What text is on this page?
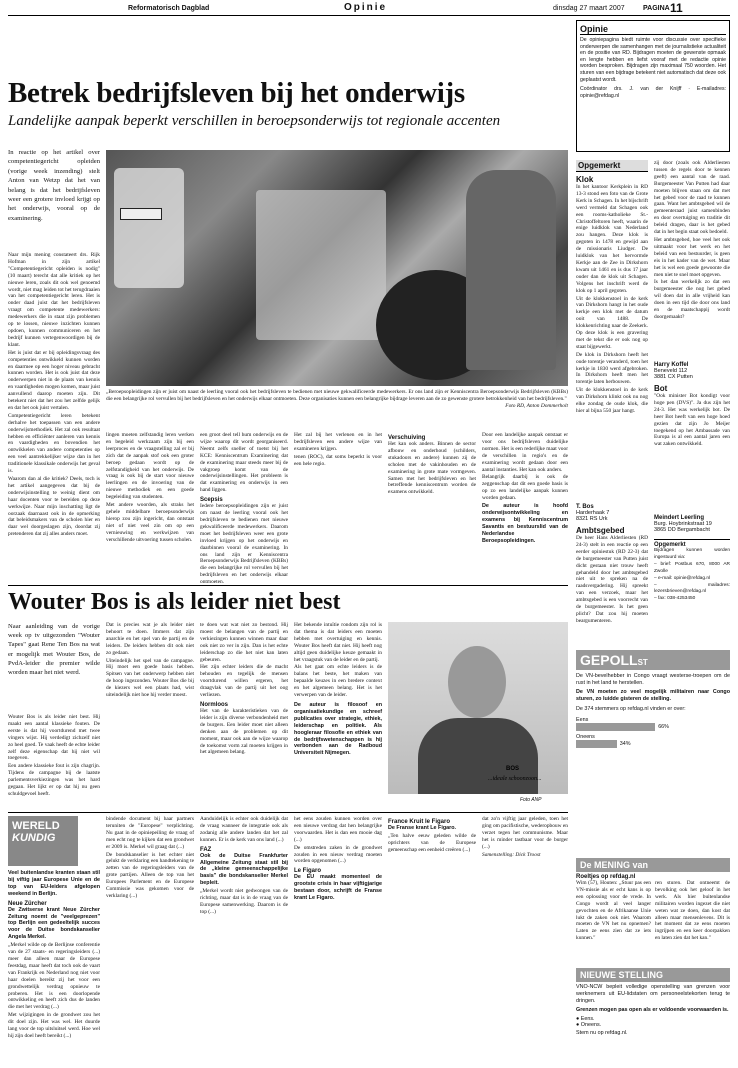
Reformatorisch Dagblad	Opinie	dinsdag 27 maart 2007	PAGINA 11
Betrek bedrijfsleven bij het onderwijs
Landelijke aanpak beperkt verschillen in beroepsonderwijs tot regionale accenten

In reactie op het artikel over competentiegericht opleiden (vorige week inzending) stelt Anton van Wetzp dat het van belang is dat het bedrijfsleven weer een grotere invloed krijgt op het onderwijs, vooral op de examinering.

Naar mijn mening constateert drs. Rijk Hofman in zijn artikel "Competentiegericht opleiden is nodig" (10 maart) terecht dat alle kritiek op het nieuwe leren, zoals dit ook wel genoemd wordt, niet mag leiden tot het terugdraaien van het competentiegericht leren. Het is onder daad juist dat het bedrijfsleven vraagt om competente medewerkers: medewerkers die in staat zijn problemen op te lossen, nieuwe inzichten kunnen opdoen, kunnen communiceren en het bedrijf kunnen vertegenwoordigen bij de klant.

Het is juist dat er bij opleidingsvraag des competenties ontwikkeld kunnen worden en daarmee op een hoger niveau gebracht kunnen worden. Het is ook juist dat deze onderwerpen niet in de plaats van kennis en vaardigheden mogen komen, maar juist aanvullend daarop moeten zijn. Dit betekent niet dat het zou het zelfde gelijk en dat het ook juist vertalen.

Competentiegericht leren betekent derhalve het toepassen van een andere onderwijsmethodiek. Het zal ook resultaat hebben en efficiënter aanleren van kennis en vaardigheden en bovendien het ontwikkelen van andere competenties op een veel aantrekkelijker wijze dan in het traditionele klassikale onderwijs het geval is.

Waarom dan al die kritiek? Deels, toch is het artikel aangegeven dat bij de onderwijsinstelling te weinig dient om haar docenten voor te bereiden op deze werkwijze. Naar mijn inschatting ligt de oorzaak daarnaast ook in de opmerking dat beleidsmakers van de scholen hier en daar wel doorgeslagen zijn, doordat zij pretenderen dat zij alles anders moet.

„Beroepsopleidingen zijn er juist om naast de leerling vooral ook het bedrijfsleven te bedienen met nieuwe gekwalificeerde medewerkers. Er ons land zijn er Kenniscentra Beroepsonderwijs Bedrijfsleven (KBBs) die een belangrijke rol vervullen bij het bedrijfsleven en het onderwijs elkaar ontmoeten. Deze organisaties kunnen een belangrijke bijdrage leveren aan de zo gewenste grotere betrokkenheid van het bedrijfsleven."
Foto RD, Anton Dommerholt

lingen moeten zelfstandig leren werken en begeleid werkzaam zijn bij een leerproces en de vraagstelling zal er bij zich dat de aanpak stof ook een groter beroep gedaan wordt op de zelfstandigheid van het onderwijs. De vraag is ook bij de start voor nieuwe leerlingen en de invoering van de nieuwe methodiek en een goede begeleiding van studenten.

Met andere woorden, als straks het gehele middelbare beroepsonderwijs hierop zou zijn ingericht, dan ontstaat niet of niet veel zin om op een vernieuwing en werkwijzen van verschillende uitvoering tussen scholen.

een groot deel tell hum onderwijs en de wijze waarop dit wordt georganiseerd. Neemt zelfs sneller of toetst bij het KCE: Kenniscentrum Examinering dat de examinering maar steeds meer bij de vakgroep komt van de onderwijsinstellingen. Het probleem is dat examinering en onderwijs in een hand liggen.

Scepsis

Iedere beroepsopleidingen zijn er juist om naast de leerling vooral ook het bedrijfsleven te bedienen met nieuwe gekwalificeerde medewerkers. Daarom moet het bedrijfsleven weer een grote invloed krijgen op het onderwijs en daarbinnen vooral de examinering. In ons land zijn er Kenniscentra Beroepsonderwijs Bedrijfsleven (KBBs) die een belangrijke rol vervullen bij het bedrijfsleven en het onderwijs elkaar ontmoeten.

Het zal bij het verlenen en in het bedrijfsleven een andere wijze van examineren krijgen.

tenen (ROC), dat soms beperkt is voor een hele regio.

Verschuiving

Het kan ook anders. Binnen de sector afbouw en onderhoud (schilders, stukadoors en andere) kunnen zij de scholen met de vakinhouden en de examinering in grote mate vormgeven. Samen met het bedrijfsleven en het betreffende kenniscentrum worden de examens ontwikkeld.

Door een landelijke aanpak ontstaat er voor ons bedrijfsleven duidelijke normen. Het is een rederlijke maat voor de verschillen in regio's en de examinering wordt gedaan door een aantal instanties. Het kan ook anders.

Belangrijk daarbij is ook de zeggenschap dat dit een goede basis is op zo een landelijke aanpak kunnen worden gedaan.

De auteur is hoofd onderwijsontwikkeling en examens bij Kenniscentrum Savantis en bestuurslid van de Nederlandse Beroepsopleidingen.

Opinie
De opiniepagina biedt ruimte voor discussie over specifieke onderwerpen die samenhangen met de journalistieke actualiteit en de positie van RD. Bijdragen moeten de gewenste opmaak en lengte hebben en liefst vooraf met de redactie opinie worden besproken. Bijdragen zijn maximaal 750 woorden. Het sturen van een bijdrage betekent niet automatisch dat deze ook geplaatst wordt.
Coördinator drs. J. van der Knijff · E-mailadres: opinie@refdag.nl
Opgemerkt
Klok

In het kantoor Kerkplein in RD 13-3 stond een foto van de Grote Kerk in Schagen. In het bijschrift werd vermeld dat Schagen ook een rooms-katholieke St.-Christoffeltoren heeft, waarin de enige luidklok van Nederland zou hangen. Deze klok is gegoten in 1478 en gewijd aan de missionaris Liudger. De luidklok van het hervormde Kerkje aan de Zee in Dirkshorn kwam uit 1461 en is dus 17 jaar ouder dan de klok uit Schagen. Volgens het inschrift werd de klok op 1 april gegoten.

Uit de klokkenstoel in de kerk van Dirkshorn hangt in het oude kerkje een klok met de datum ooit van 1488. De klokkenrichting naar de Zeekerk. Op deze klok is een gravering met de tekst die er ook nog op staat bijgewerkt.

De klok in Dirkshorn heeft het oude torentje veranderd, toen het kerkje in 1830 werd afgebroken. In Dirkshorn heeft men het torentje laten herbouwen.

Uit de klokkenstoel in de kerk van Dirkshorn klinkt ook nu nog elke zondag de oude klok, die hier al bijna 550 jaar hangt.

T. Bos
Harderhaak 7
8321 RS Urk
Ambtsgebed

De heer Hans Alderliesten (RD 24-3) stelt in een reactie op een eerder opiniestuk (RD 22-3) dat de burgemeester van Putten juist dicht gestaan niet trouw heeft gehandeld door het ambtsgebed niet uit te spreken na de raadsvergadering. Hij spreekt van een verzoek, maar het ambtsgebed is een voorrecht van de burgemeester. Is het geen plicht? Dat zou hij moeten beargumenteren.

zij door (zoals ook Alderliesten tussen de regels door te kennen geeft) een aantal van de raad. Burgemeester Van Putten had daar moeten blijven staan om dat met het gebed voor de raad te kunnen gaan. Want het ambtsgebed wil de gemeenteraad juist samenbinden en door overtuiging en traditie dit beleid dragen, daar is het gebed dat in het begin staat ook bedoeld.

Het ambtsgebed, hoe veel het ook uitmaakt voor het werk en het beleid van een bestuurder, is geen eis in het kader van de wet. Maar het is wel een goede gewoonte die men niet te snel moet opgeven.

Is het dan werkelijk zo dat een burgemeester die nog het gebed wil doen dat in alle vrijheid kan doen in een tijd die door ons land en de maatschappij wordt doorgemaakt?

Harry Koffel
Beneveld 112
3881 CX Putten
Bot

"Ook minister Bot kondigt voor hoge pen (DVS)". Ja dus zijn het 24-3. Het was werkelijk bot. De heer Bot heeft van een hoge hoed gezien dat zijn Jo Meijer toegekend op het Ambassade van Europa is al een aantal jaren een wat zaken ontwikkeld.

Meindert Leerling
Burg. Hoybrinkstraat 19
3865 DD Bergambacht
Opgemerkt
Bijdragen kunnen worden ingestuurd via:
– brief: Postbus 670, 8000 AR Zwolle
– e-mail: opinie@refdag.nl
– mailadres: lezersbrieven@refdag.nl
– fax: 038-4253450
Wouter Bos is als leider niet best

Naar aanleiding van de vorige week op tv uitgezonden "Wouter Tapes" gaat Rene Ten Bos na wat er mogelijk met Wouter Bos, de PvdA-leider die premier wilde worden maar het niet werd.

Wouter Bos is als leider niet best. Hij maakt een aantal klassieke fouten. De eerste is dat hij voortdurend met twee vingers wijst. Hij verdedigt zichzelf niet zo heel goed. Te vaak heeft de echte leider zelf deze eigenschap dat hij niet wil toegeven.

Een andere klassieke fout is zijn chagrijn. Tijdens de campagne bij de laatste parlementsverkiezingen was het hard gegaan. Het lijkt er op dat hij nu geen schuldgevoel heeft.

Dat is precies wat je als leider niet behoort te doen. Immers dat zijn anarchie en het spel van de partij en de leiders. De leiders hebben dit ook niet zo gedaan.

Uiteindelijk het spel van de campagne. Hij moet een goede basis hebben. Spitsen van het onderwerp hebben niet de hoop ingezonden. Wouter Bos die bij de kiezers wel een plaats had, wist uiteindelijk niet hoe hij verder moest.

te doen wat wat niet zo bestond. Hij moest de belangen van de partij en verkiezingen kunnen winnen maar daar ook niet zo ver in zijn. Dan is het echte leiderschap zo die het niet kan laten gebeuren.

Het zijn echter leiders die de macht behouden en tegelijk de mensen voortdurend willen ergeren, het draagvlak van de partij uit het oog verliezen.

Normloos

Het van de karakteristieken van de leider is zijn diverse verbondenheid met de burgers. Een leider moet niet alleen denken aan de problemen op dit moment, maar ook aan de wijze waarop de toekomst vorm zal moeten krijgen in het algemeen belang.

Het bekende intuïtie rondom zijn rol is dat thema is dat leiders een moeten hebben met overtuiging en kennis. Wouter Bos heeft dat niet. Hij heeft nog altijd geen duidelijke keuze gemaakt in het vraagstuk van de leider en de partij.

Als het gaat om echte leiders is de balans het beste, het maken van bepaalde keuzes in een bredere context en het algemeen belang. Het is het verwerpen van de leider.

De auteur is filosoof en organisatiekundige en schreef publicaties over strategie, ethiek, leiderschap en politiek. Als hoogleraar filosofie en ethiek van de bedrijfswetenschappen is hij verbonden aan de Radboud Universiteit Nijmegen.

BOS
...ideale schoonzoon...
Foto ANP
WERELD
KUNDIG

Veel buitenlandse kranten staan stil bij viftig jaar Europese Unie en de top van EU-leiders afgelopen weekend in Berlijn.

Neue Zürcher

De Zwitserse krant Neue Zürcher Zeitung noemt de "veelgeprezen" top Berlijn een gedeeltelijk succes voor de Duitse bondskanselier Angela Merkel.

„Merkel wilde op de Berlijnse conferentie van de 27 staats- en regeringsleiders (...) meer dan alleen maar de Europese feestdag, maar heeft dat toch ook de vaart van Frankrijk en Nederland nog niet voor haar doelen bereikt zij het voor een grondwettelijk verdrag opnieuw te proberen. Het is een doorlopende ontwikkeling en heeft zich dus de landen die met het verdrag (...)

Met wijzigingen in de grondwet zou het dit doel zijn. Het was wel. Het duurde lang voor de top uitsluitsel werd. Hoe wel hij zijn doel heeft bereikt (...)

bindende document bij haar partners teruniten de "Europese" verplichting. Nu gaat in de opiniepeiling de vraag of men echt nog te kijken dat een grondwet er 2009 is. Merkel wil graag dat (...)

De bondskanselier is het echter niet gelukt de verklaring een handtekening te zetten van de regeringsleiders van de grote partijen. Alleen de top van het Europees Parlement en de Europese Commissie was gekomen voor de verklaring (...)

Aanduidelijk is echter ook duidelijk dat de vraag wanneer de integratie ook als zodanig alle andere landen dat het zal kunnen. Er is de kerk van ons land (...)

FAZ

Ook de Duitse Frankfurter Allgemeine Zeitung staat stil bij de „kleine gemeenschappelijke basis" die bondskanselier Merkel bepleit.

„Merkel wordt niet gedwongen van de richting, maar dat is in de vraag van de Europese samenwerking. Daarom is de top (...)

het eens zouden kunnen worden over een nieuwe verdrag dat hen belangrijke voorwaarden. Het is dan een mooie dag (...)

De omstreden zaken in de grondwet zouden in een nieuw verdrag moeten worden opgenomen (...)

Le Figaro

De EU maakt momenteel de grootste crisis in haar vijftigjarige bestaan door, schrijft de Franse krant Le Figaro.

France Kruit le Figaro

De Franse krant Le Figaro.

„Ten halve eeuw geleden wilde de oprichters van de Europese gemeenschap een eenheid creëren (...)

dat zo'n vijftig jaar geleden, toen het ging om pacifistische, wederopbouw en verzet tegen het communisme. Maar het is minder tastbaar voor de burger (...)

Samenstelling: Dick Troost

GEPOLLST
De VN-bevelhebber in Congo vraagt westerse-troepen om de rust in het land te herstellen.
De VN moeten zo veel mogelijk militairen naar Congo sturen, zo luidde gisteren de stelling.
De 374 stemmers op refdag.nl vinden er over:
Eens
66%
Oneens
34%
De MENING van
Roeltjes op refdag.nl
Wim (57), Houten: „Stuur pas een VN-missie als er echt kans is op een oplossing voor de vrede. In Congo wordt al veel langer gevochten en de Afrikaanse Unie lukt de zaken ook niet. Waarom moeten de VN het nu opnemen? Laten ze eens zien dat ze iets kunnen."
ren sturen. Dat ontneemt de bevolking ook het geloof in het werk. Als hier buitenlandse militairen worden ingezet die niet weten wat ze doen, dan kost dat alleen maar mensenlevens. Dit is het moment dat ze eens moeten ingrijpen en een keer doorpakken en laten zien dat het kan."
NIEUWE STELLING
VNO-NCW bepleit volledige openstelling van grenzen voor werknemers uit EU-lidstaten om personeelstekorten terug te dringen.
Grenzen mogen pas open als er voldoende voorwaarden is.
● Eens.
● Oneens.
Stem nu op refdag.nl.
